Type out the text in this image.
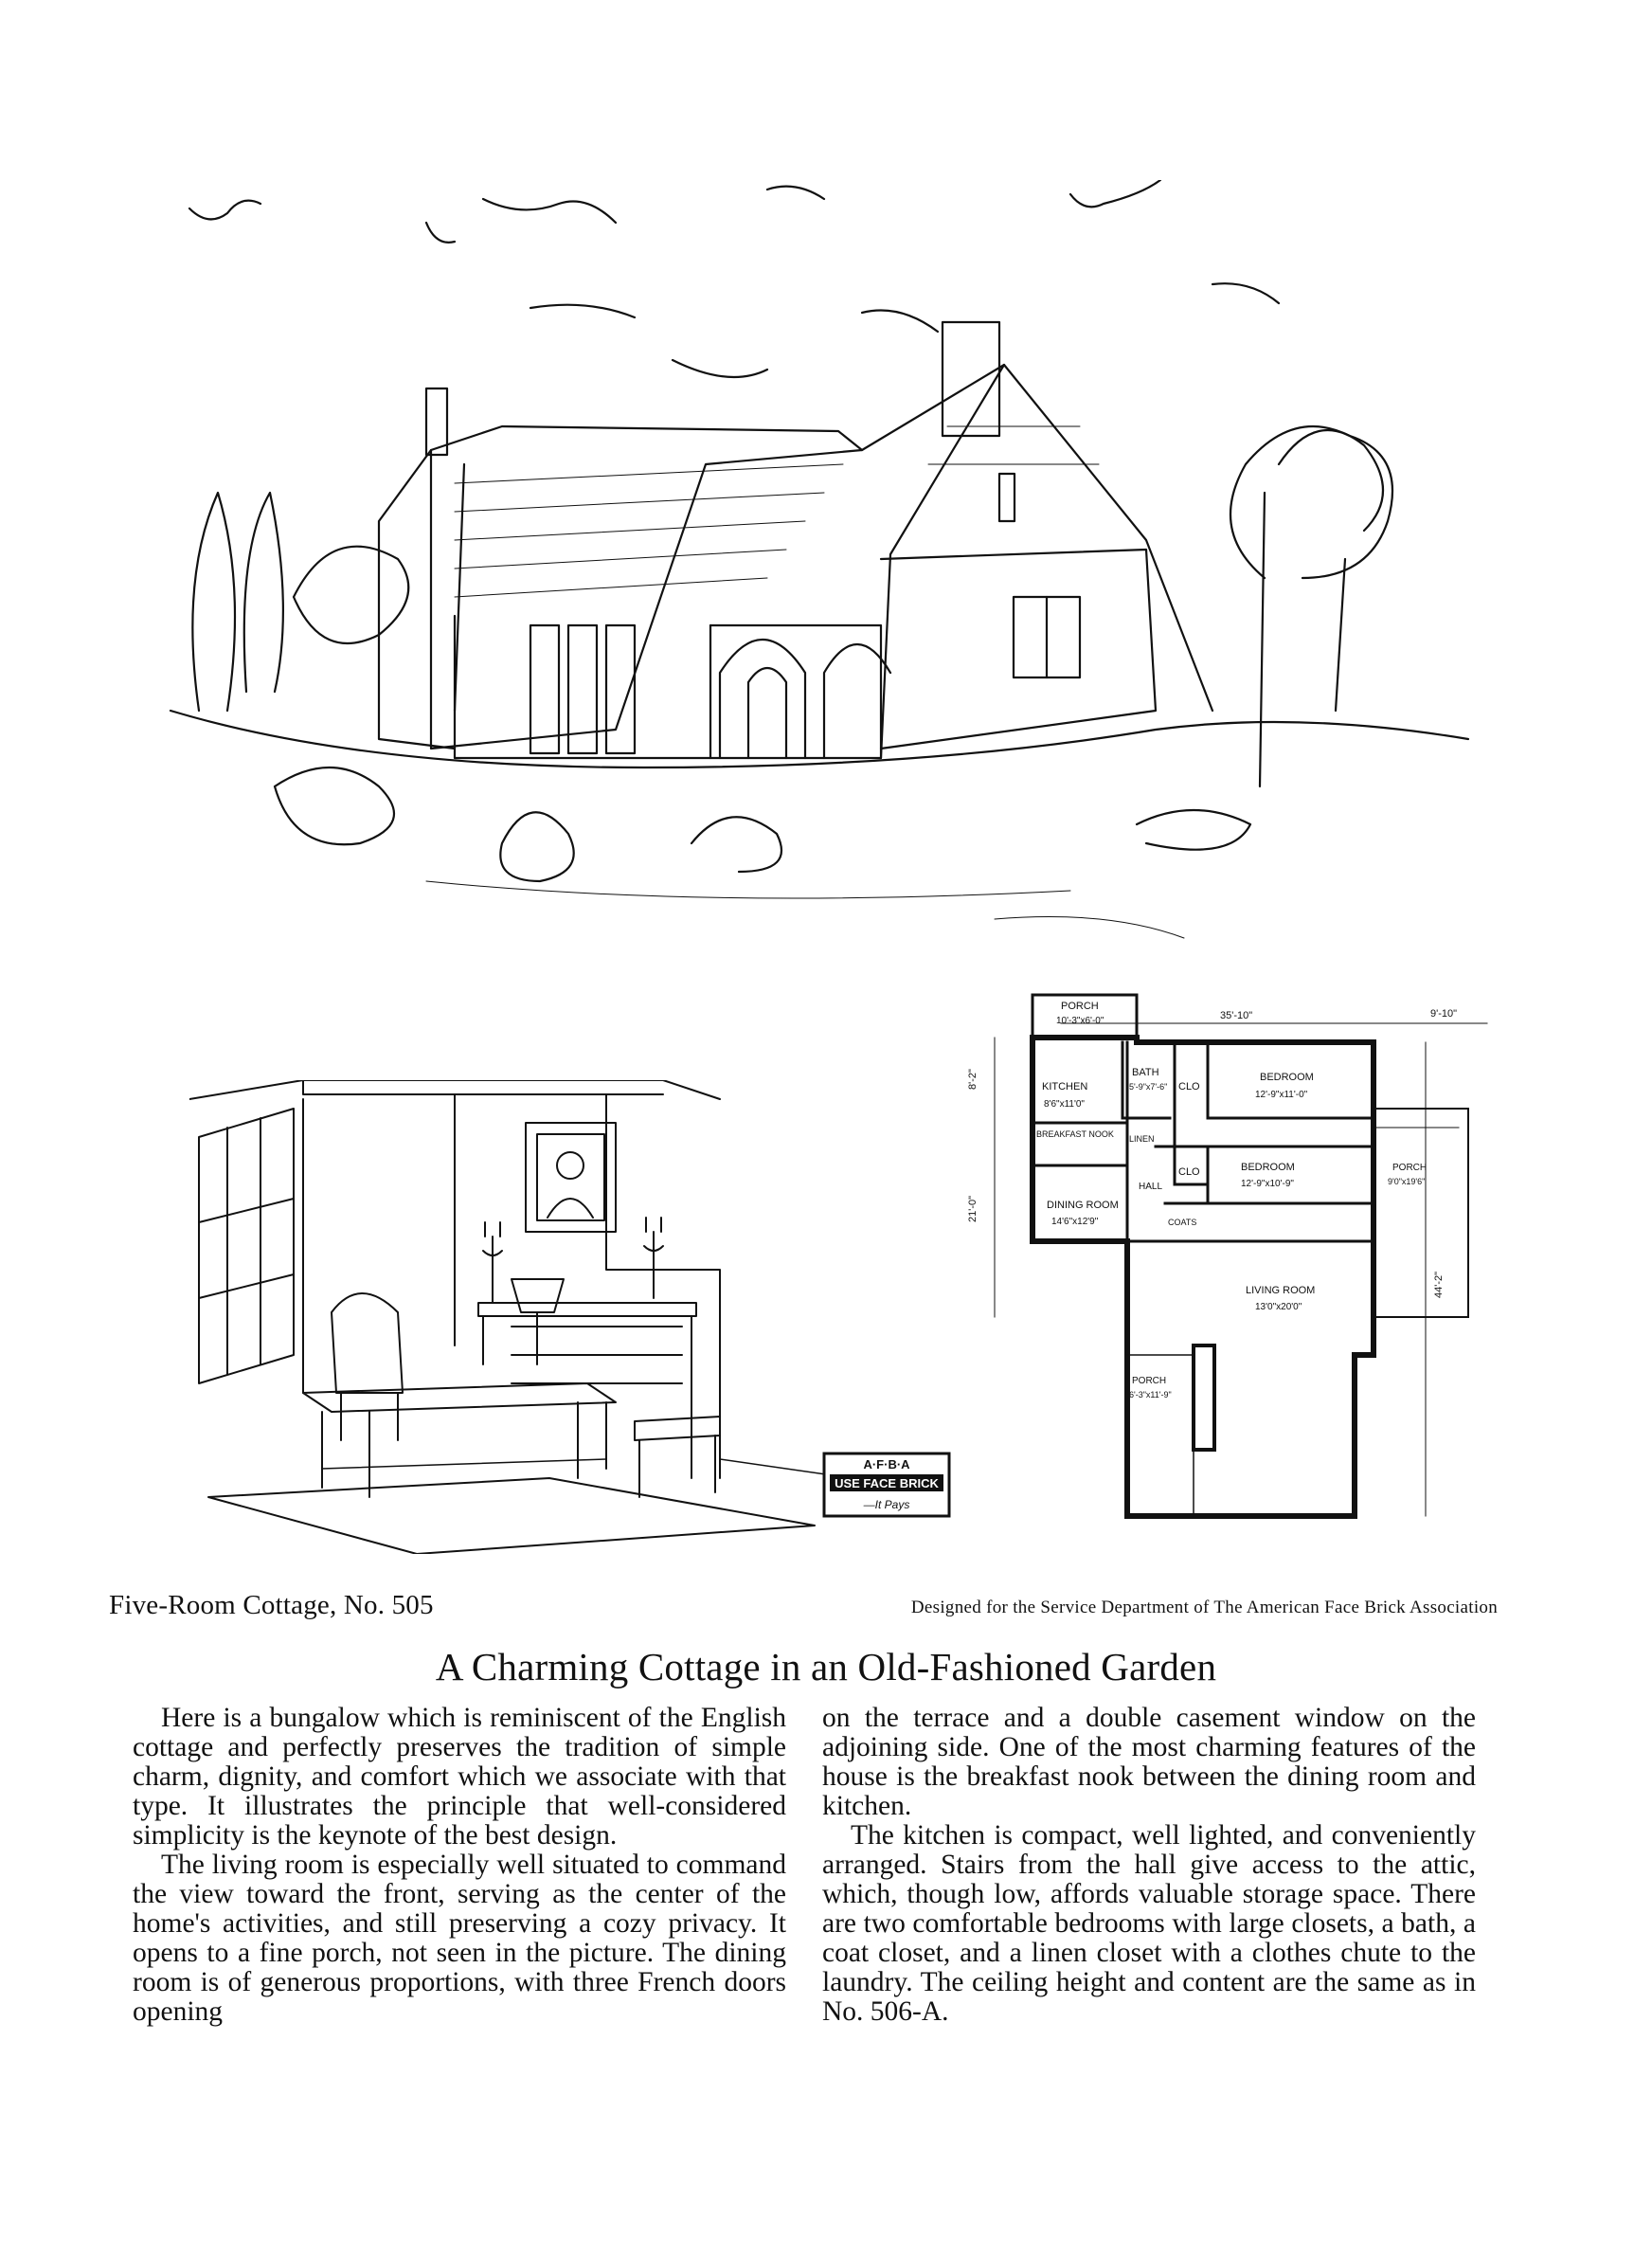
PORCH
10'-3"x6'-0"	35'-10"	9'-10"
8'-2"
21'-0"
44'-2"
KITCHEN
8'6"x11'0"
BATH
5'-9"x7'-6" CLO
BEDROOM
12'-9"x11'-0"
BREAKFAST NOOK LINEN
HALL
CLO	BEDROOM
12'-9"x10'-9"
PORCH
9'0"x19'6"
DINING ROOM
14'6"x12'9"	COATS
LIVING ROOM
13'0"x20'0"
PORCH
6'-3"x11'-9"
A·F·B·A
USE FACE BRICK
—It Pays
Five-Room Cottage, No. 505	Designed for the Service Department of The American Face Brick Association
A Charming Cottage in an Old-Fashioned Garden

Here is a bungalow which is reminiscent of the English cottage and perfectly preserves the tradition of simple charm, dignity, and comfort which we associate with that type. It illustrates the principle that well-considered simplicity is the keynote of the best design.

The living room is especially well situated to command the view toward the front, serving as the center of the home's activities, and still preserving a cozy privacy. It opens to a fine porch, not seen in the picture. The dining room is of generous proportions, with three French doors opening

on the terrace and a double casement window on the adjoining side. One of the most charming features of the house is the breakfast nook between the dining room and kitchen.

The kitchen is compact, well lighted, and conveniently arranged. Stairs from the hall give access to the attic, which, though low, affords valuable storage space. There are two comfortable bedrooms with large closets, a bath, a coat closet, and a linen closet with a clothes chute to the laundry. The ceiling height and content are the same as in No. 506-A.
